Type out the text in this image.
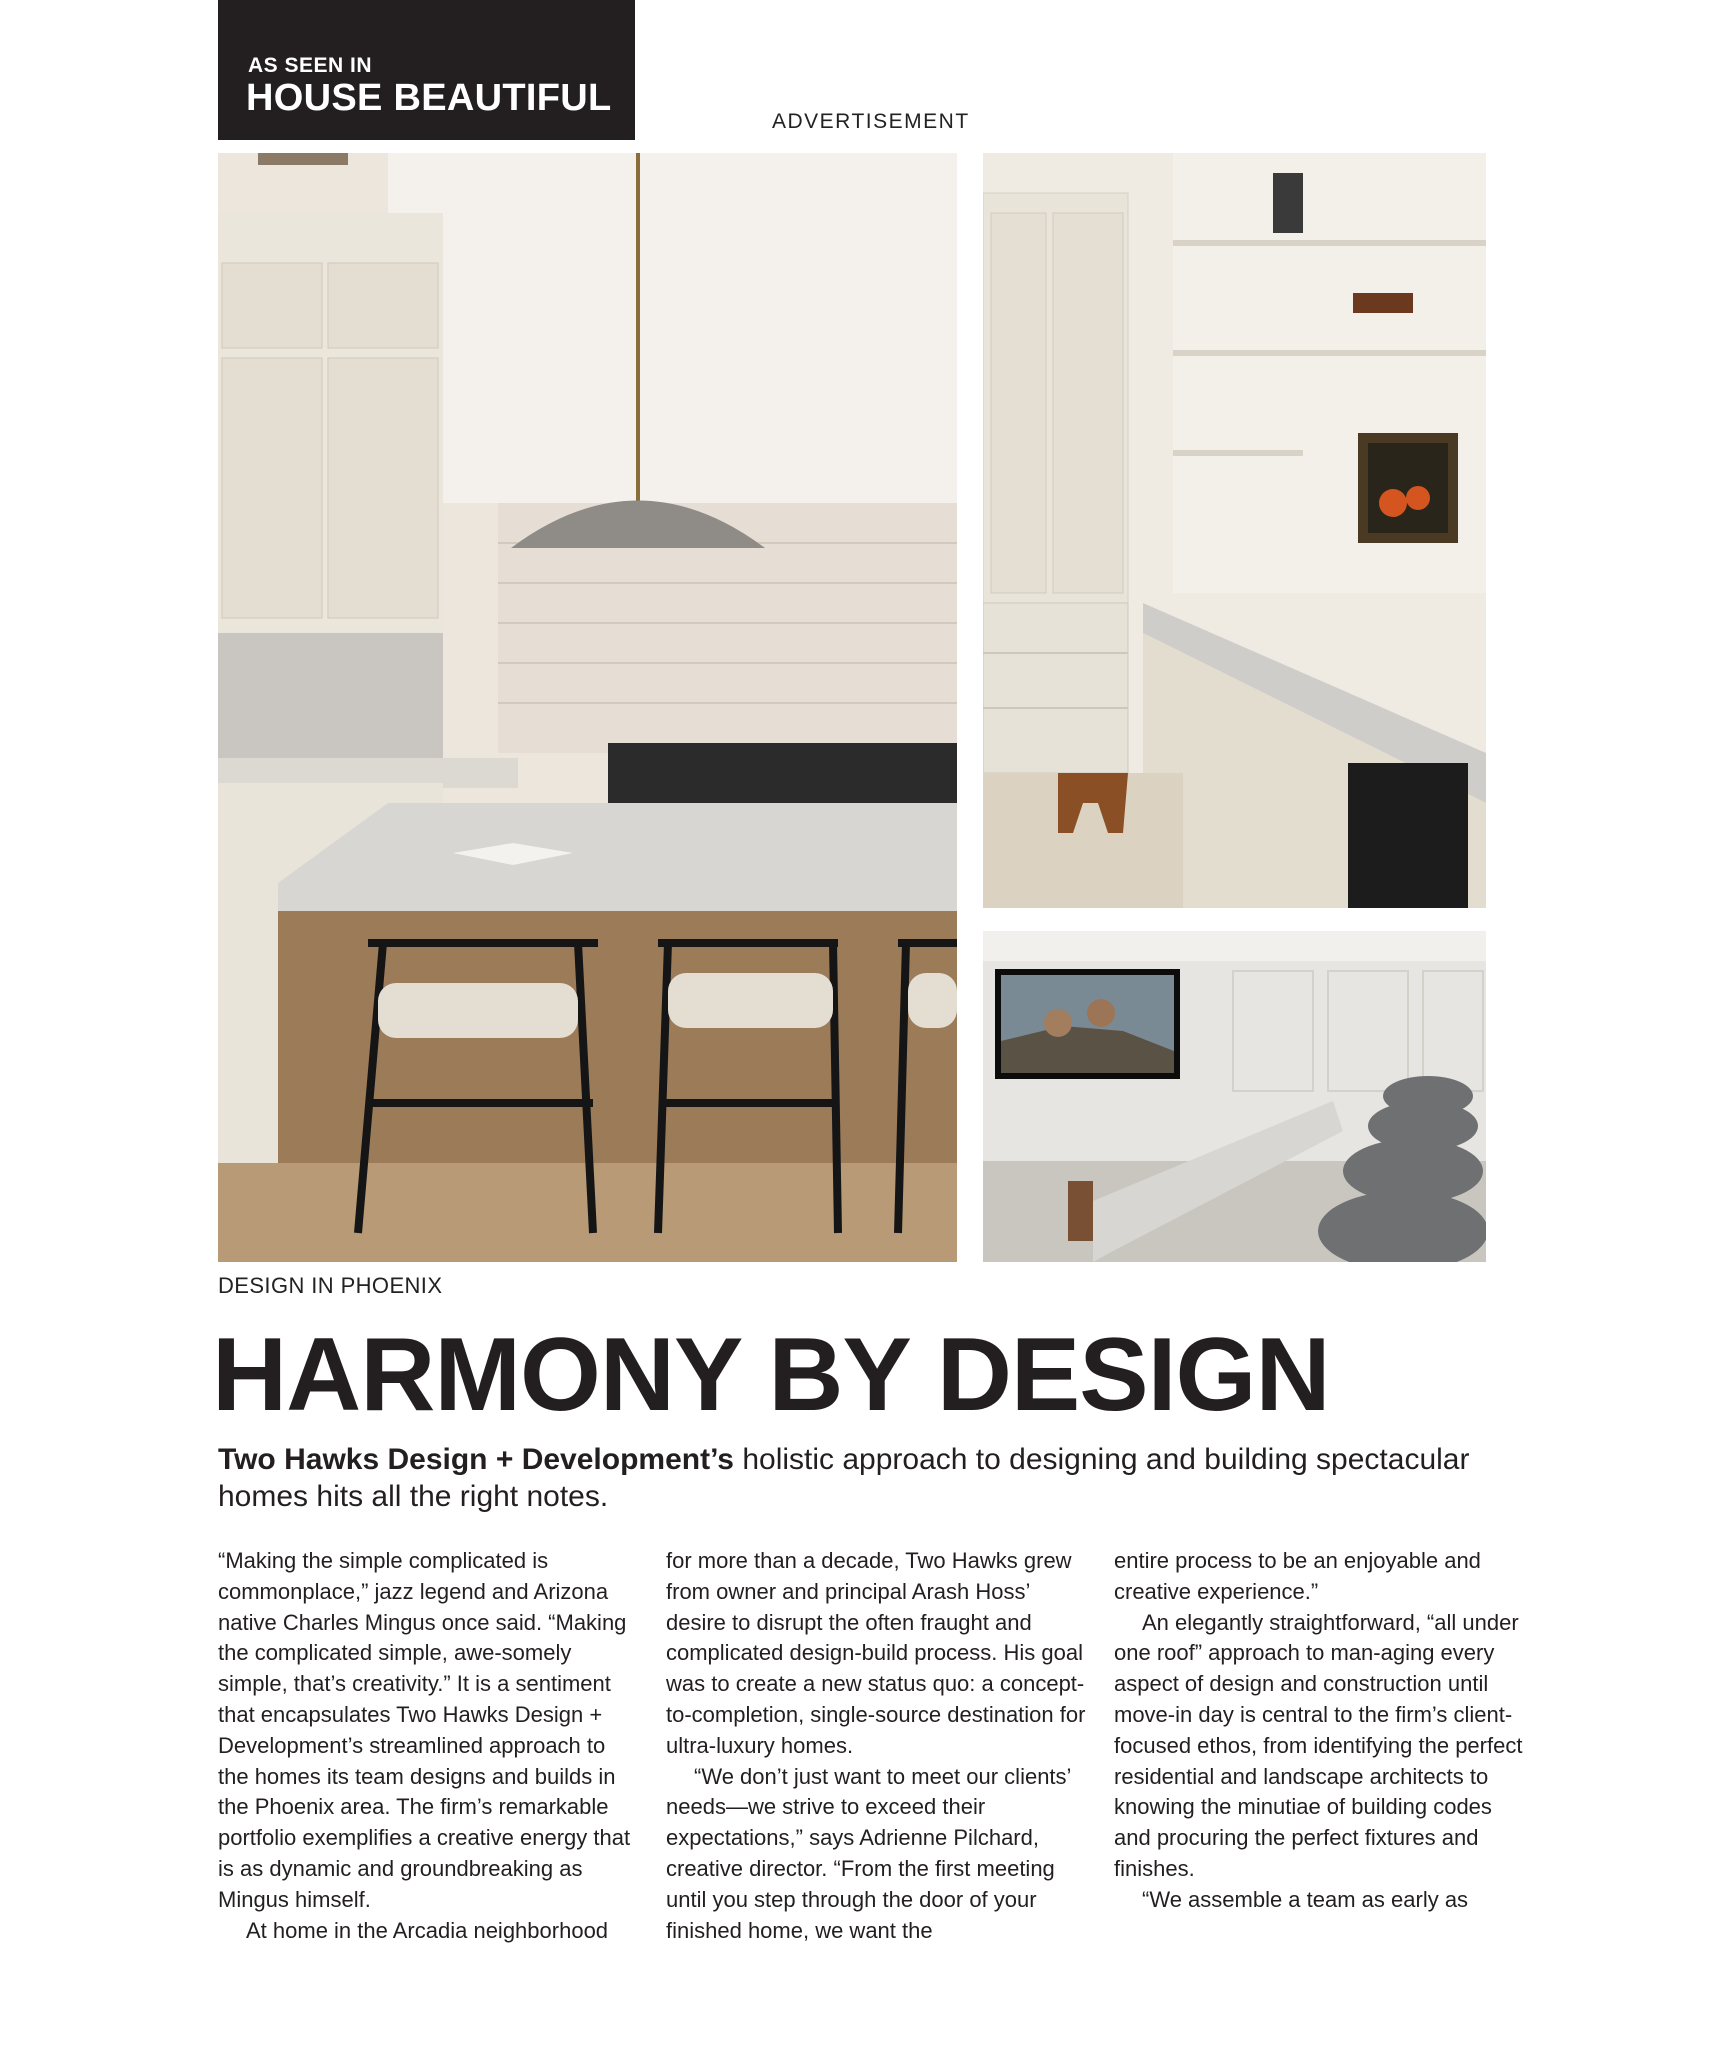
AS SEEN IN
HOUSE BEAUTIFUL
ADVERTISEMENT
DESIGN IN PHOENIX
HARMONY BY DESIGN

Two Hawks Design + Development’s holistic approach to designing and building spectacular homes hits all the right notes.

“Making the simple complicated is commonplace,” jazz legend and Arizona native Charles Mingus once said. “Making the complicated simple, awe-somely simple, that’s creativity.” It is a sentiment that encapsulates Two Hawks Design + Development’s streamlined approach to the homes its team designs and builds in the Phoenix area. The firm’s remarkable portfolio exemplifies a creative energy that is as dynamic and groundbreaking as Mingus himself.

At home in the Arcadia neighborhood

for more than a decade, Two Hawks grew from owner and principal Arash Hoss’ desire to disrupt the often fraught and complicated design-build process. His goal was to create a new status quo: a concept-to-completion, single-source destination for ultra-luxury homes.

“We don’t just want to meet our clients’ needs—we strive to exceed their expectations,” says Adrienne Pilchard, creative director. “From the first meeting until you step through the door of your finished home, we want the

entire process to be an enjoyable and creative experience.”

An elegantly straightforward, “all under one roof” approach to man-aging every aspect of design and construction until move-in day is central to the firm’s client-focused ethos, from identifying the perfect residential and landscape architects to knowing the minutiae of building codes and procuring the perfect fixtures and finishes.

“We assemble a team as early as
